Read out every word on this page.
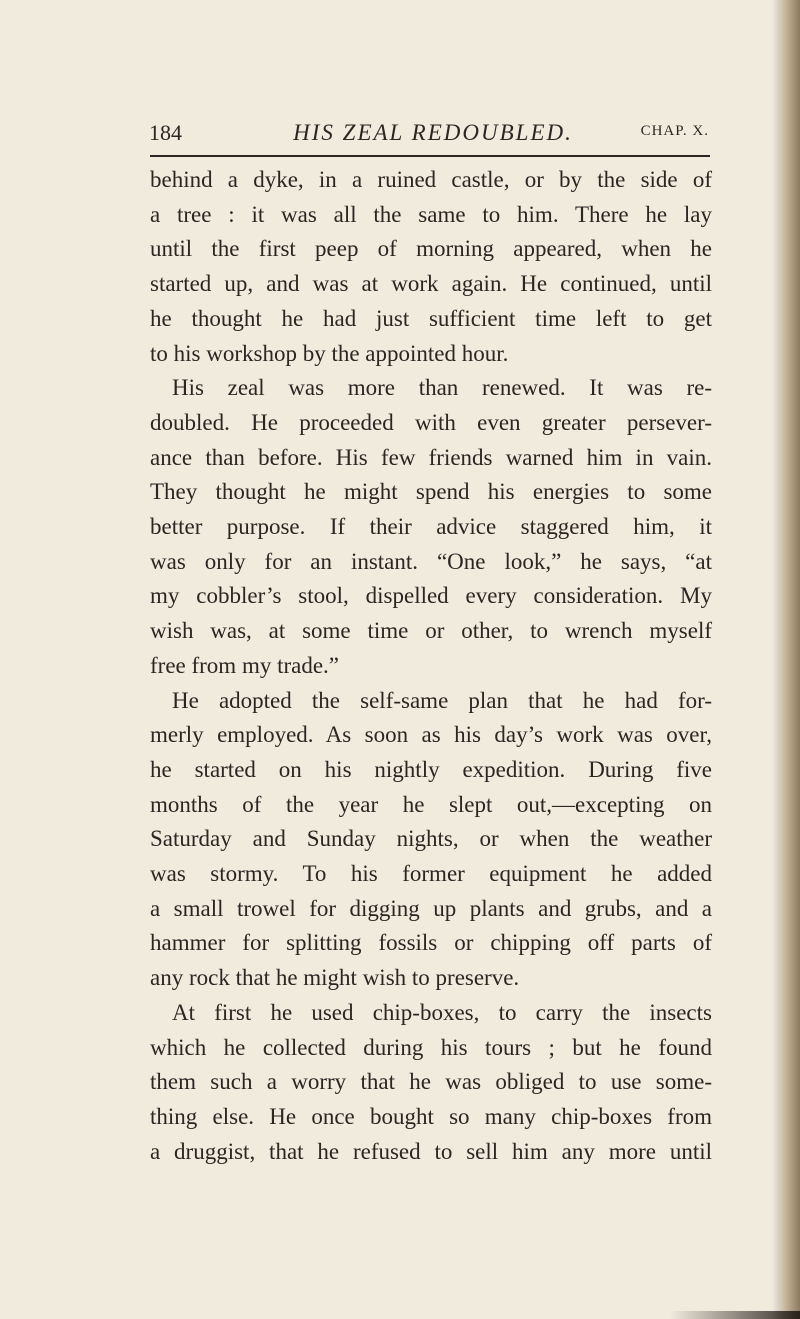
184	HIS ZEAL REDOUBLED.	CHAP. X.
behind a dyke, in a ruined castle, or by the side of
a tree : it was all the same to him. There he lay
until the first peep of morning appeared, when he
started up, and was at work again. He continued, until
he thought he had just sufficient time left to get
to his workshop by the appointed hour.
His zeal was more than renewed. It was re-
doubled. He proceeded with even greater persever-
ance than before. His few friends warned him in vain.
They thought he might spend his energies to some
better purpose. If their advice staggered him, it
was only for an instant. “One look,” he says, “at
my cobbler’s stool, dispelled every consideration. My
wish was, at some time or other, to wrench myself
free from my trade.”
He adopted the self-same plan that he had for-
merly employed. As soon as his day’s work was over,
he started on his nightly expedition. During five
months of the year he slept out,—excepting on
Saturday and Sunday nights, or when the weather
was stormy. To his former equipment he added
a small trowel for digging up plants and grubs, and a
hammer for splitting fossils or chipping off parts of
any rock that he might wish to preserve.
At first he used chip-boxes, to carry the insects
which he collected during his tours ; but he found
them such a worry that he was obliged to use some-
thing else. He once bought so many chip-boxes from
a druggist, that he refused to sell him any more until
